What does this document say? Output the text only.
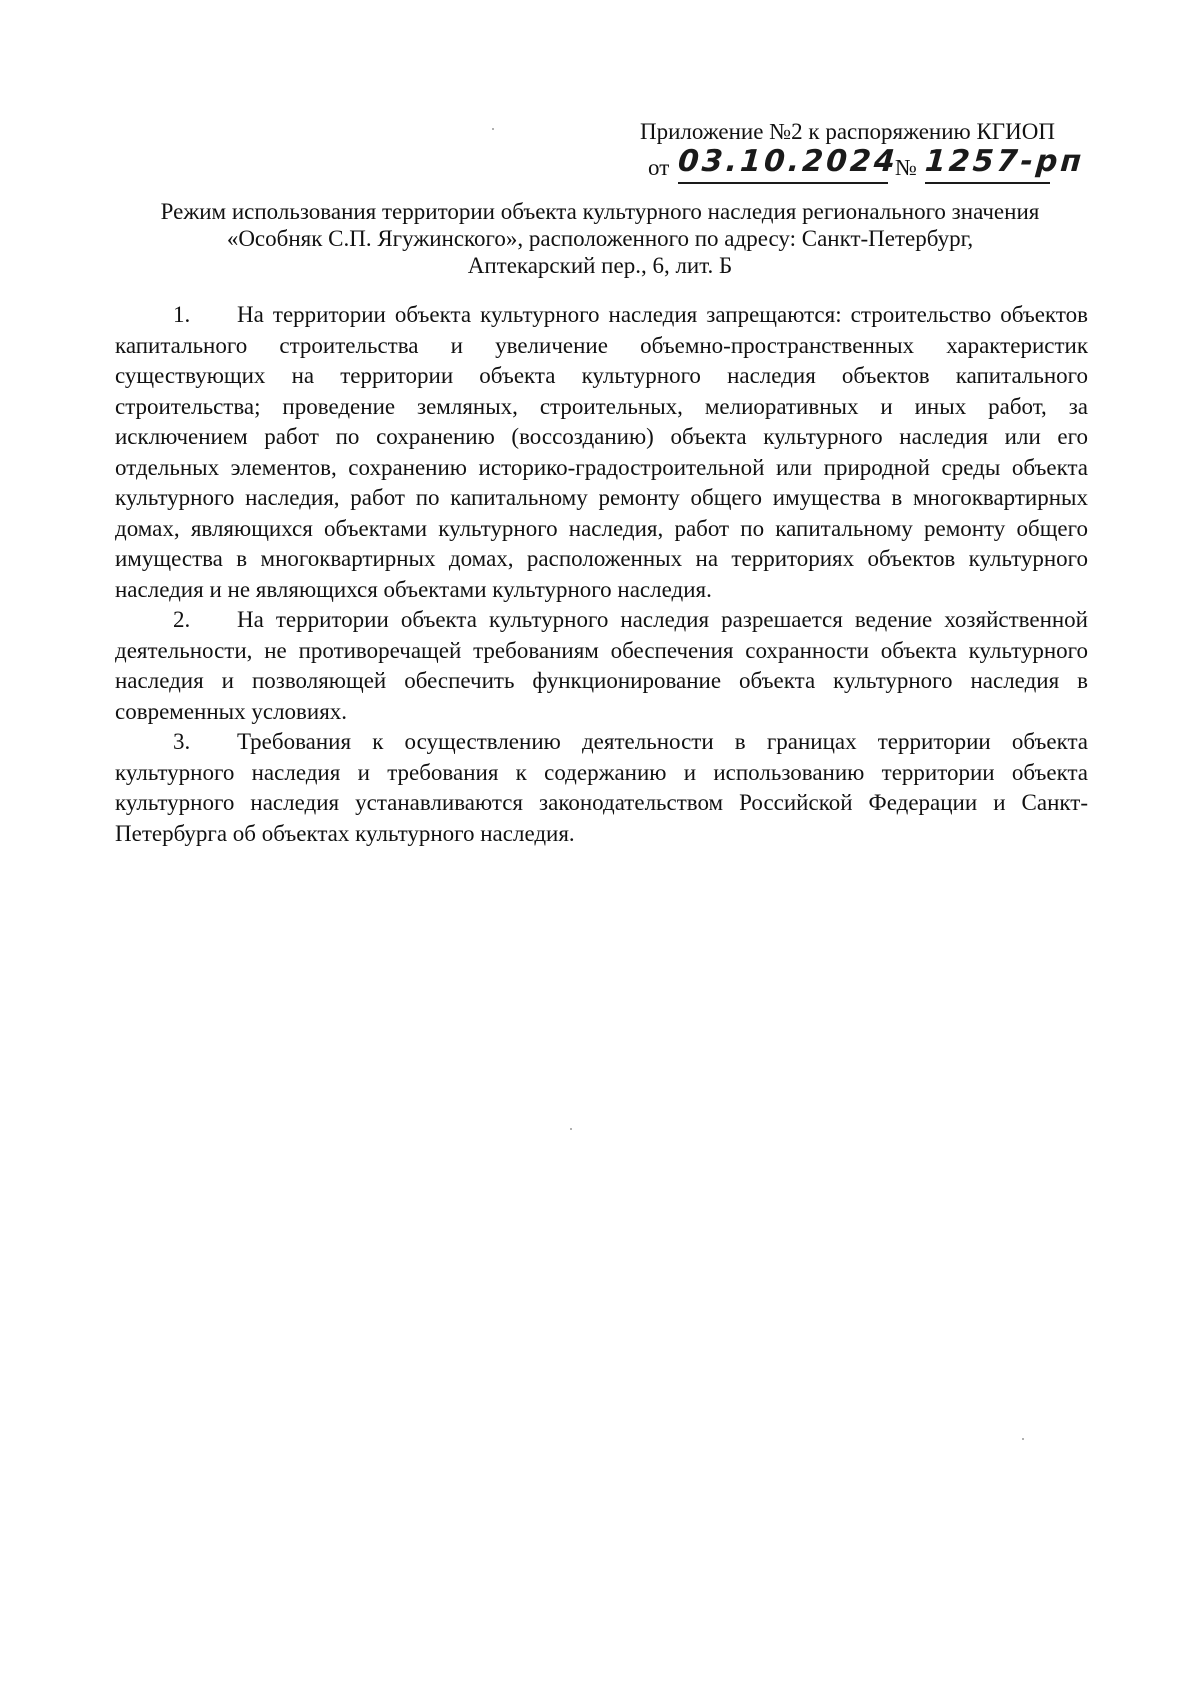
Приложение №2 к распоряжению КГИОП
от 03.10.2024
№ 1257-рп
Режим использования территории объекта культурного наследия регионального значения
«Особняк С.П. Ягужинского», расположенного по адресу: Санкт-Петербург,
Аптекарский пер., 6, лит. Б

1. На территории объекта культурного наследия запрещаются: строительство объектов капитального строительства и увеличение объемно-пространственных характеристик существующих на территории объекта культурного наследия объектов капитального строительства; проведение земляных, строительных, мелиоративных и иных работ, за исключением работ по сохранению (воссозданию) объекта культурного наследия или его отдельных элементов, сохранению историко-градостроительной или природной среды объекта культурного наследия, работ по капитальному ремонту общего имущества в многоквартирных домах, являющихся объектами культурного наследия, работ по капитальному ремонту общего имущества в многоквартирных домах, расположенных на территориях объектов культурного наследия и не являющихся объектами культурного наследия.

2. На территории объекта культурного наследия разрешается ведение хозяйственной деятельности, не противоречащей требованиям обеспечения сохранности объекта культурного наследия и позволяющей обеспечить функционирование объекта культурного наследия в современных условиях.

3. Требования к осуществлению деятельности в границах территории объекта культурного наследия и требования к содержанию и использованию территории объекта культурного наследия устанавливаются законодательством Российской Федерации и Санкт-Петербурга об объектах культурного наследия.
